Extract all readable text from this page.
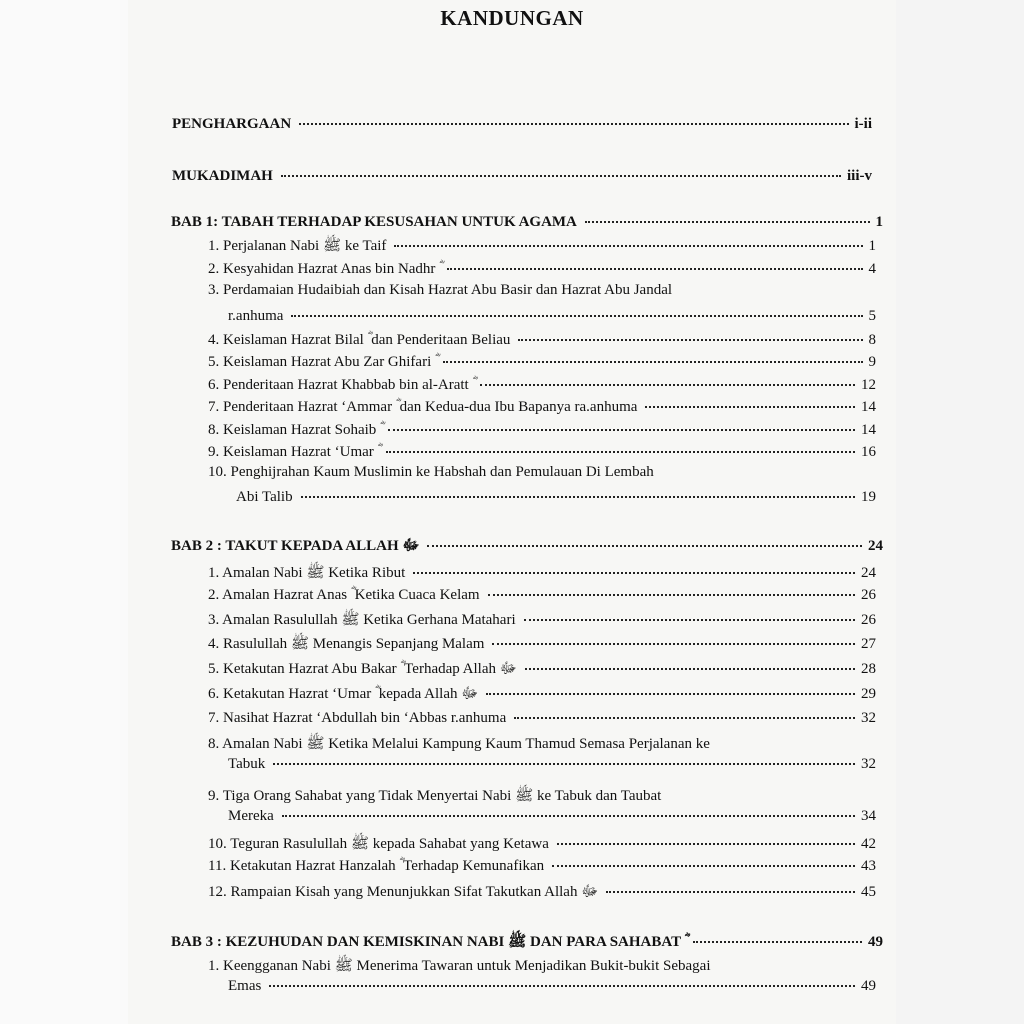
KANDUNGAN
PENGHARGAAN	i-ii
MUKADIMAH	iii-v
BAB 1: TABAH TERHADAP KESUSAHAN UNTUK AGAMA	1
1. Perjalanan Nabi ﷺ ke Taif	1
2. Kesyahidan Hazrat Anas bin Nadhr ؓ	4
3. Perdamaian Hudaibiah dan Kisah Hazrat Abu Basir dan Hazrat Abu Jandal
r.anhuma	5
4. Keislaman Hazrat Bilal ؓ dan Penderitaan Beliau	8
5. Keislaman Hazrat Abu Zar Ghifari ؓ	9
6. Penderitaan Hazrat Khabbab bin al-Aratt ؓ	12
7. Penderitaan Hazrat ‘Ammar ؓ dan Kedua-dua Ibu Bapanya ra.anhuma	14
8. Keislaman Hazrat Sohaib ؓ	14
9. Keislaman Hazrat ‘Umar ؓ	16
10. Penghijrahan Kaum Muslimin ke Habshah dan Pemulauan Di Lembah
Abi Talib	19
BAB 2 : TAKUT KEPADA ALLAH ﷻ	24
1. Amalan Nabi ﷺ Ketika Ribut	24
2. Amalan Hazrat Anas ؓ Ketika Cuaca Kelam	26
3. Amalan Rasulullah ﷺ Ketika Gerhana Matahari	26
4. Rasulullah ﷺ Menangis Sepanjang Malam	27
5. Ketakutan Hazrat Abu Bakar ؓ Terhadap Allah ﷻ	28
6. Ketakutan Hazrat ‘Umar ؓ kepada Allah ﷻ	29
7. Nasihat Hazrat ‘Abdullah bin ‘Abbas r.anhuma	32
8. Amalan Nabi ﷺ Ketika Melalui Kampung Kaum Thamud Semasa Perjalanan ke
Tabuk	32
9. Tiga Orang Sahabat yang Tidak Menyertai Nabi ﷺ ke Tabuk dan Taubat
Mereka	34
10. Teguran Rasulullah ﷺ kepada Sahabat yang Ketawa	42
11. Ketakutan Hazrat Hanzalah ؓ Terhadap Kemunafikan	43
12. Rampaian Kisah yang Menunjukkan Sifat Takutkan Allah ﷻ	45
BAB 3 : KEZUHUDAN DAN KEMISKINAN NABI ﷺ DAN PARA SAHABAT ؓ	49
1. Keengganan Nabi ﷺ Menerima Tawaran untuk Menjadikan Bukit-bukit Sebagai
Emas	49
